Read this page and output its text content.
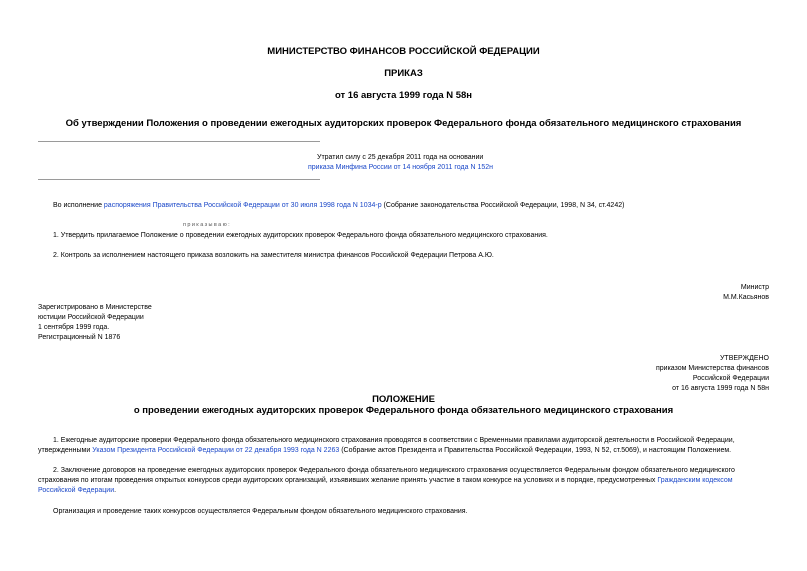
МИНИСТЕРСТВО ФИНАНСОВ РОССИЙСКОЙ ФЕДЕРАЦИИ
ПРИКАЗ
от 16 августа 1999 года N 58н
Об утверждении Положения о проведении ежегодных аудиторских проверок Федерального фонда обязательного медицинского страхования
Утратил силу с 25 декабря 2011 года на основании
приказа Минфина России от 14 ноября 2011 года N 152н
Во исполнение распоряжения Правительства Российской Федерации от 30 июля 1998 года N 1034-р (Собрание законодательства Российской Федерации, 1998, N 34, ст.4242)
приказываю:
1. Утвердить прилагаемое Положение о проведении ежегодных аудиторских проверок Федерального фонда обязательного медицинского страхования.
2. Контроль за исполнением настоящего приказа возложить на заместителя министра финансов Российской Федерации Петрова А.Ю.
Министр
М.М.Касьянов
Зарегистрировано в Министерстве
юстиции Российской Федерации
1 сентября 1999 года.
Регистрационный N 1876
УТВЕРЖДЕНО
приказом Министерства финансов
Российской Федерации
от 16 августа 1999 года N 58н
ПОЛОЖЕНИЕ
о проведении ежегодных аудиторских проверок Федерального фонда обязательного медицинского страхования
1. Ежегодные аудиторские проверки Федерального фонда обязательного медицинского страхования проводятся в соответствии с Временными правилами аудиторской деятельности в Российской Федерации,
утвержденными Указом Президента Российской Федерации от 22 декабря 1993 года N 2263 (Собрание актов Президента и Правительства Российской Федерации, 1993, N 52, ст.5069), и настоящим Положением.
2. Заключение договоров на проведение ежегодных аудиторских проверок Федерального фонда обязательного медицинского страхования осуществляется Федеральным фондом обязательного медицинского
страхования по итогам проведения открытых конкурсов среди аудиторских организаций, изъявивших желание принять участие в таком конкурсе на условиях и в порядке, предусмотренных Гражданским кодексом
Российской Федерации.
Организация и проведение таких конкурсов осуществляется Федеральным фондом обязательного медицинского страхования.
